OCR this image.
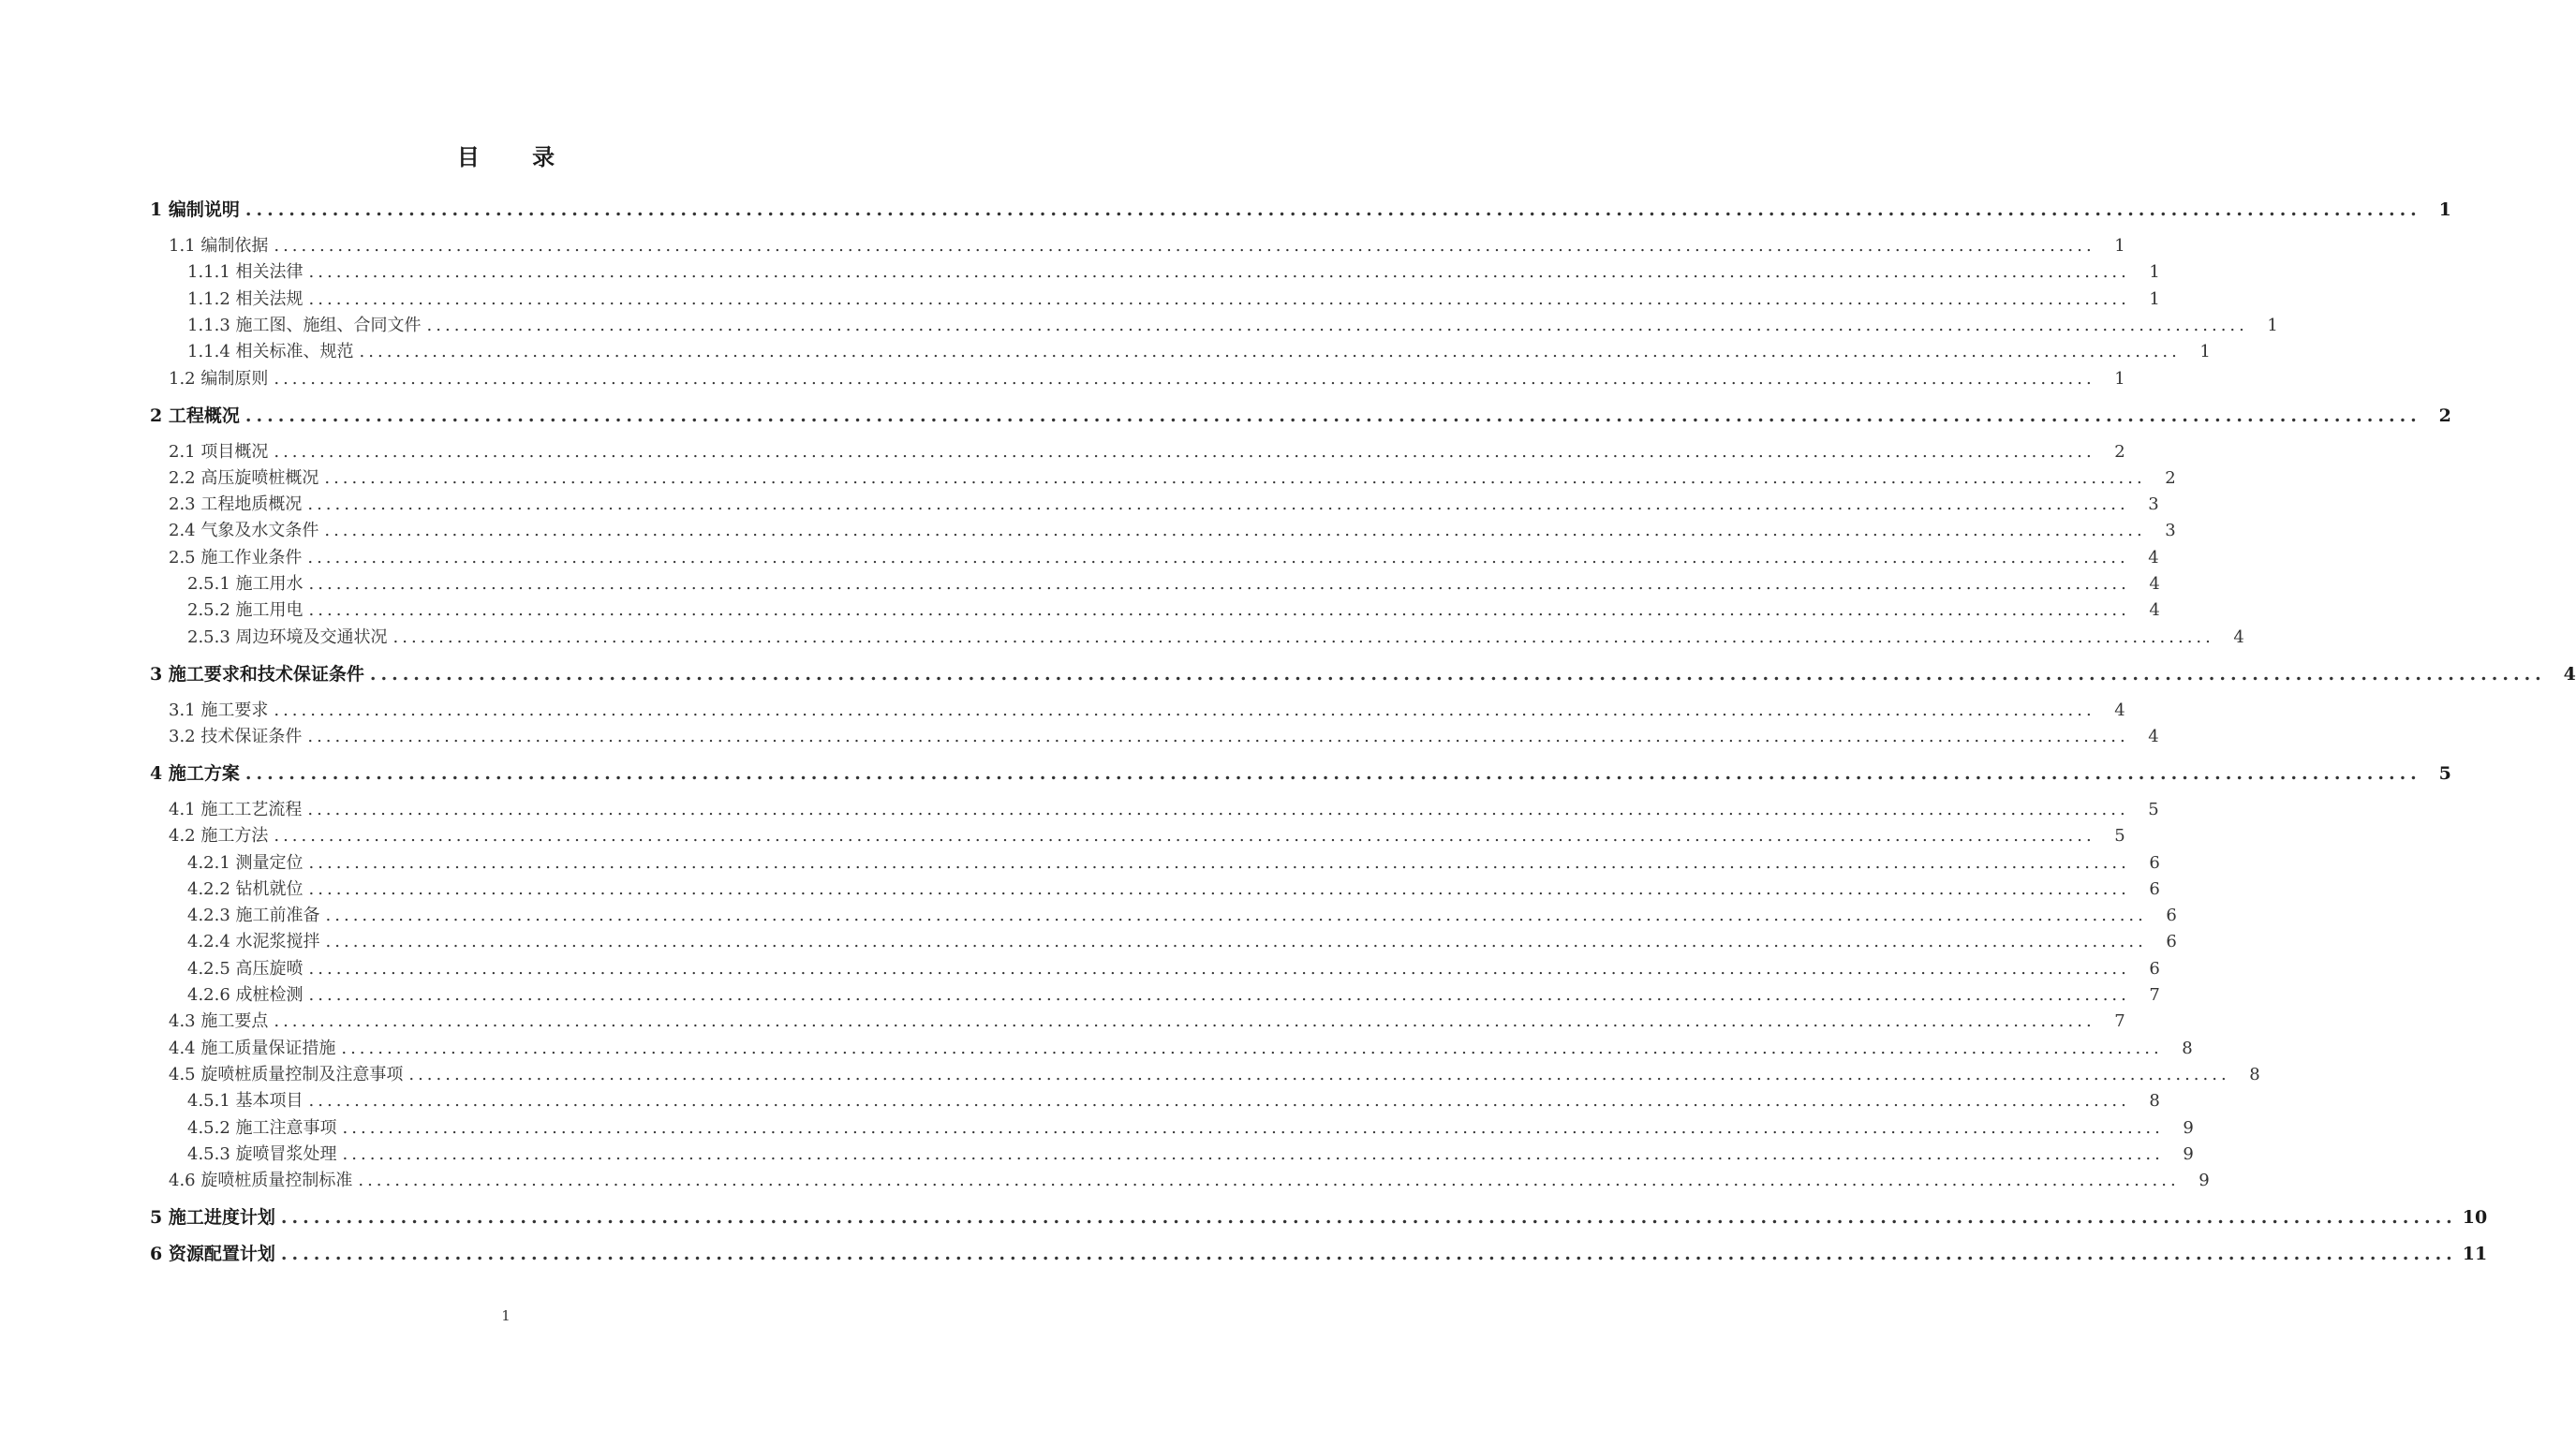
目 录
1 编制说明 ........................................................................................................................................................................................................ 1
1.1 编制依据 ........................................................................................................................................................................................................	1
1.1.1 相关法律 ........................................................................................................................................................................................................	1
1.1.2 相关法规 ........................................................................................................................................................................................................	1
1.1.3 施工图、施组、合同文件 ........................................................................................................................................................................................................	1
1.1.4 相关标准、规范 ........................................................................................................................................................................................................	1
1.2 编制原则 ........................................................................................................................................................................................................	1
2 工程概况 ........................................................................................................................................................................................................ 2
2.1 项目概况 ........................................................................................................................................................................................................	2
2.2 高压旋喷桩概况 ........................................................................................................................................................................................................	2
2.3 工程地质概况 ........................................................................................................................................................................................................	3
2.4 气象及水文条件 ........................................................................................................................................................................................................	3
2.5 施工作业条件 ........................................................................................................................................................................................................	4
2.5.1 施工用水 ........................................................................................................................................................................................................	4
2.5.2 施工用电 ........................................................................................................................................................................................................	4
2.5.3 周边环境及交通状况 ........................................................................................................................................................................................................	4
3 施工要求和技术保证条件 ........................................................................................................................................................................................................ 4
3.1 施工要求 ........................................................................................................................................................................................................	4
3.2 技术保证条件 ........................................................................................................................................................................................................	4
4 施工方案 ........................................................................................................................................................................................................ 5
4.1 施工工艺流程 ........................................................................................................................................................................................................	5
4.2 施工方法 ........................................................................................................................................................................................................	5
4.2.1 测量定位 ........................................................................................................................................................................................................	6
4.2.2 钻机就位 ........................................................................................................................................................................................................	6
4.2.3 施工前准备 ........................................................................................................................................................................................................	6
4.2.4 水泥浆搅拌 ........................................................................................................................................................................................................	6
4.2.5 高压旋喷 ........................................................................................................................................................................................................	6
4.2.6 成桩检测 ........................................................................................................................................................................................................	7
4.3 施工要点 ........................................................................................................................................................................................................	7
4.4 施工质量保证措施 ........................................................................................................................................................................................................	8
4.5 旋喷桩质量控制及注意事项 ........................................................................................................................................................................................................	8
4.5.1 基本项目 ........................................................................................................................................................................................................	8
4.5.2 施工注意事项 ........................................................................................................................................................................................................	9
4.5.3 旋喷冒浆处理 ........................................................................................................................................................................................................	9
4.6 旋喷桩质量控制标准 ........................................................................................................................................................................................................	9
5 施工进度计划 ........................................................................................................................................................................................................ 10
6 资源配置计划 ........................................................................................................................................................................................................ 11
1
